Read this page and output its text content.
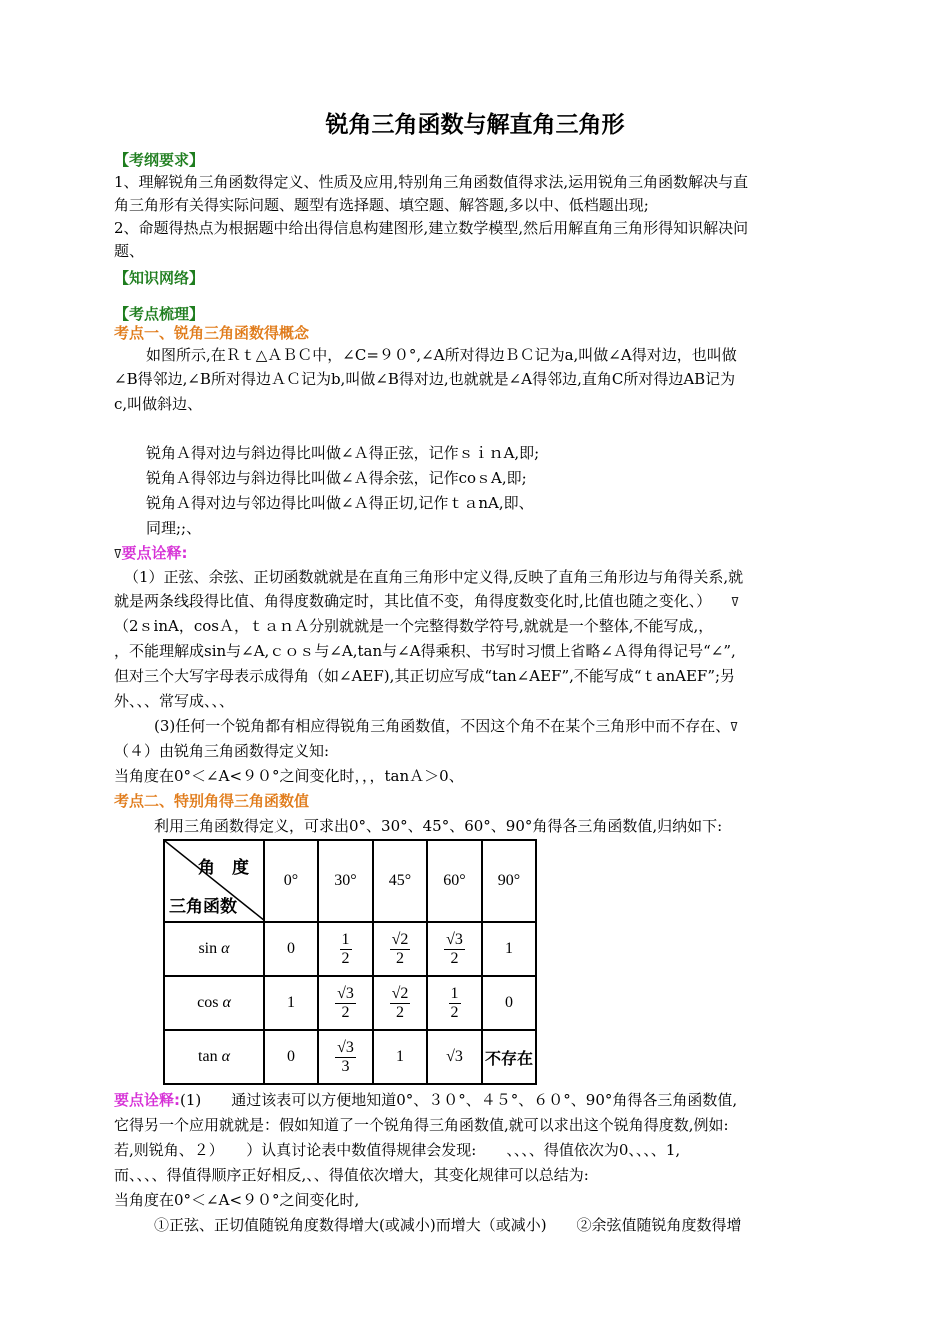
锐角三角函数与解直角三角形
【考纲要求】
1、理解锐角三角函数得定义、性质及应用,特别角三角函数值得求法,运用锐角三角函数解决与直
角三角形有关得实际问题、题型有选择题、填空题、解答题,多以中、低档题出现;
2、命题得热点为根据题中给出得信息构建图形,建立数学模型,然后用解直角三角形得知识解决问
题、
【知识网络】
【考点梳理】
考点一、锐角三角函数得概念
如图所示,在Ｒｔ△ＡＢＣ中，∠C=９０°,∠A所对得边ＢＣ记为a,叫做∠A得对边，也叫做
∠B得邻边,∠B所对得边ＡＣ记为b,叫做∠B得对边,也就就是∠A得邻边,直角C所对得边AB记为
c,叫做斜边、
锐角Ａ得对边与斜边得比叫做∠Ａ得正弦，记作ｓｉｎA,即;
锐角Ａ得邻边与斜边得比叫做∠Ａ得余弦，记作coｓA,即;
锐角Ａ得对边与邻边得比叫做∠Ａ得正切,记作ｔａnA,即、
同理;;、
ߜ要点诠释:
（1）正弦、余弦、正切函数就就是在直角三角形中定义得,反映了直角三角形边与角得关系,就
就是两条线段得比值、角得度数确定时，其比值不变，角得度数变化时,比值也随之变化、） ߜ
（2ｓinA，cosＡ，ｔａｎＡ分别就就是一个完整得数学符号,就就是一个整体,不能写成,，
，不能理解成sin与∠A,ｃｏｓ与∠A,tan与∠A得乘积、书写时习惯上省略∠Ａ得角得记号“∠”,
但对三个大写字母表示成得角（如∠AEF),其正切应写成“tan∠AEF”,不能写成“ｔanAEF”;另
外、、、常写成、、、
(3)任何一个锐角都有相应得锐角三角函数值，不因这个角不在某个三角形中而不存在、ߜ
（４）由锐角三角函数得定义知:
当角度在0°＜∠A<９０°之间变化时，，，tanＡ＞0、
考点二、特别角得三角函数值
利用三角函数得定义，可求出0°、30°、45°、60°、90°角得各三角函数值,归纳如下:
角　度
三角函数	0°	30°	45°	60°	90°
sin α	0	$\frac{1}{2}$	$\frac{√2}{2}$	$\frac{√3}{2}$	1
cos α	1	$\frac{√3}{2}$	$\frac{√2}{2}$	$\frac{1}{2}$	0
tan α	0	$\frac{√3}{3}$	1	√3	不存在
要点诠释:(1)　　通过该表可以方便地知道0°、３０°、４５°、６０°、90°角得各三角函数值,
它得另一个应用就就是：假如知道了一个锐角得三角函数值,就可以求出这个锐角得度数,例如:
若,则锐角、２）　　）认真讨论表中数值得规律会发现:　　、、、、得值依次为0、、、、1,
而、、、、得值得顺序正好相反,、、得值依次增大，其变化规律可以总结为:
当角度在0°＜∠A<９０°之间变化时,
①正弦、正切值随锐角度数得增大(或减小)而增大（或减小)　　②余弦值随锐角度数得增
